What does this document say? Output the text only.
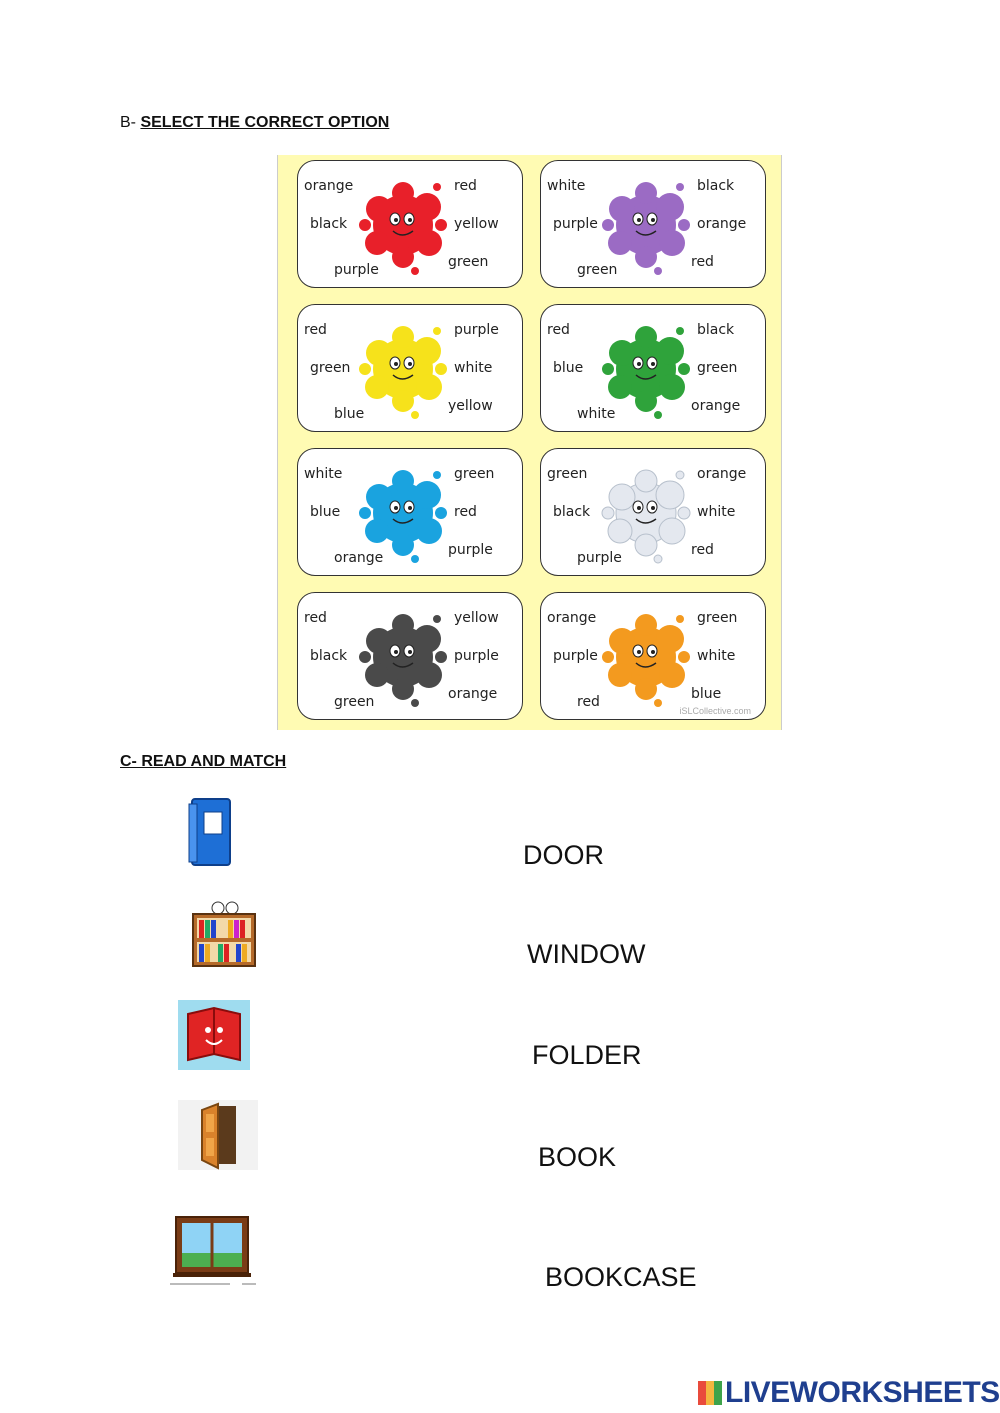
B- SELECT THE CORRECT OPTION
orange	red
black	yellow
purple	green
white	black
purple	orange
green	red
red	purple
green	white
blue	yellow
red	black
blue	green
white	orange
white	green
blue	red
orange	purple
green	orange
black	white
purple	red
red	yellow
black	purple
green	orange
orange	green
purple	white
red	blue
iSLCollective.com
C- READ AND MATCH
DOOR
WINDOW
FOLDER
BOOK
BOOKCASE
LIVEWORKSHEETS
